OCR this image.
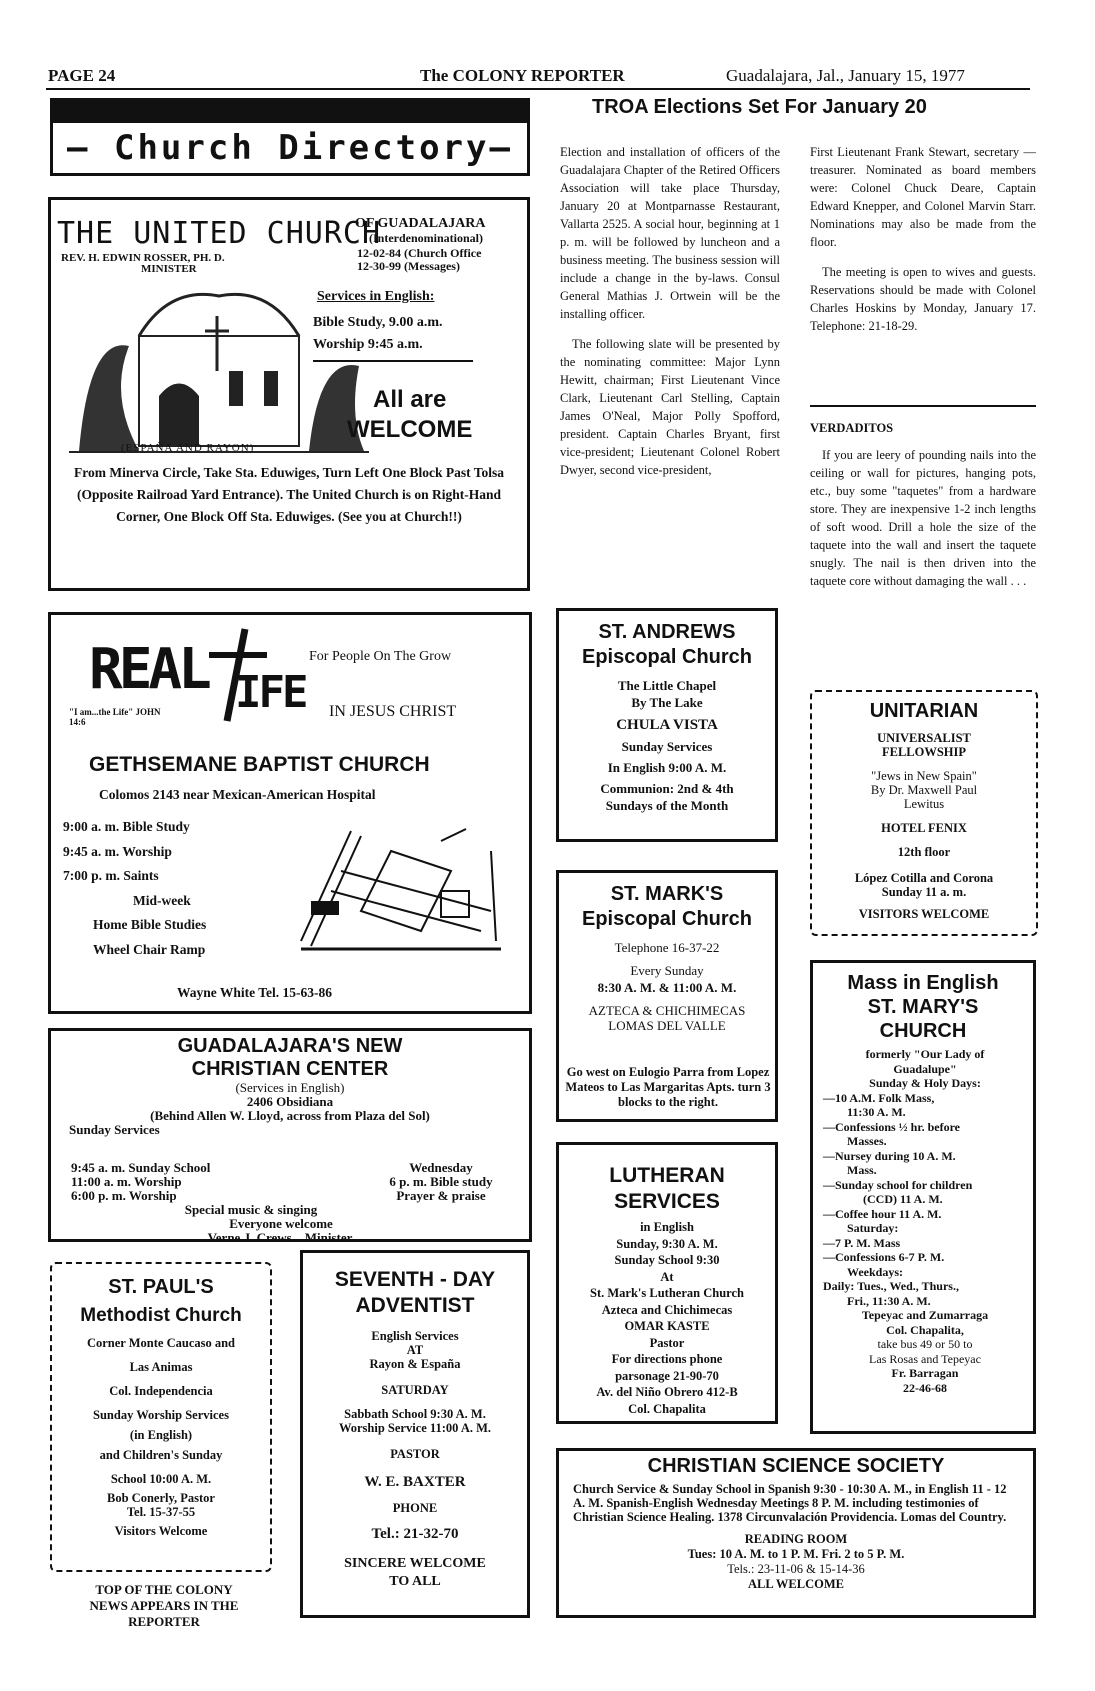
PAGE 24	The COLONY REPORTER	Guadalajara, Jal., January 15, 1977
— Church Directory—
THE UNITED CHURCH
OF GUADALAJARA
(Interdenominational)
REV. H. EDWIN ROSSER, PH. D.
MINISTER
12-02-84 (Church Office
12-30-99 (Messages)
Services in English:
Bible Study, 9.00 a.m.
Worship 9:45 a.m.
All are
WELCOME
(ESPAÑA AND RAYON)
From Minerva Circle, Take Sta. Eduwiges, Turn Left One Block Past Tolsa (Opposite Railroad Yard Entrance). The United Church is on Right-Hand Corner, One Block Off Sta. Eduwiges. (See you at Church!!)
REAL IFE
"I am...the Life" JOHN 14:6
For People On The Grow
IN JESUS CHRIST
GETHSEMANE BAPTIST CHURCH
Colomos 2143 near Mexican-American Hospital
9:00 a. m. Bible Study
9:45 a. m. Worship
7:00 p. m. Saints
Mid-week
Home Bible Studies
Wheel Chair Ramp
Wayne White Tel. 15-63-86
GUADALAJARA'S NEW
CHRISTIAN CENTER
(Services in English)
2406 Obsidiana
(Behind Allen W. Lloyd, across from Plaza del Sol)
Sunday Services
9:45 a. m. Sunday School
11:00 a. m. Worship
6:00 p. m. Worship
Wednesday
6 p. m. Bible study
Prayer & praise
Special music & singing
Everyone welcome
Verne J. Crews... Minister.
ST. PAUL'S
Methodist Church
Corner Monte Caucaso and
Las Animas
Col. Independencia
Sunday Worship Services
(in English)
and Children's Sunday
School 10:00 A. M.
Bob Conerly, Pastor
Tel. 15-37-55
Visitors Welcome
TOP OF THE COLONY
NEWS APPEARS IN THE
REPORTER
SEVENTH - DAY
ADVENTIST
English Services
AT
Rayon & España
SATURDAY
Sabbath School 9:30 A. M.
Worship Service 11:00 A. M.
PASTOR
W. E. BAXTER
PHONE
Tel.: 21-32-70
SINCERE WELCOME
TO ALL
TROA Elections Set For January 20

Election and installation of officers of the Guadalajara Chapter of the Retired Officers Association will take place Thursday, January 20 at Montparnasse Restaurant, Vallarta 2525. A social hour, beginning at 1 p. m. will be followed by luncheon and a business meeting. The business session will include a change in the by-laws. Consul General Mathias J. Ortwein will be the installing officer.

The following slate will be presented by the nominating committee: Major Lynn Hewitt, chairman; First Lieutenant Vince Clark, Lieutenant Carl Stelling, Captain James O'Neal, Major Polly Spofford, president. Captain Charles Bryant, first vice-president; Lieutenant Colonel Robert Dwyer, second vice-president,

First Lieutenant Frank Stewart, secretary — treasurer. Nominated as board members were: Colonel Chuck Deare, Captain Edward Knepper, and Colonel Marvin Starr. Nominations may also be made from the floor.

The meeting is open to wives and guests. Reservations should be made with Colonel Charles Hoskins by Monday, January 17. Telephone: 21-18-29.

VERDADITOS
If you are leery of pounding nails into the ceiling or wall for pictures, hanging pots, etc., buy some "taquetes" from a hardware store. They are inexpensive 1-2 inch lengths of soft wood. Drill a hole the size of the taquete into the wall and insert the taquete snugly. The nail is then driven into the taquete core without damaging the wall . . .
ST. ANDREWS
Episcopal Church
The Little Chapel
By The Lake
CHULA VISTA
Sunday Services
In English 9:00 A. M.
Communion: 2nd & 4th
Sundays of the Month
ST. MARK'S
Episcopal Church
Telephone 16-37-22
Every Sunday
8:30 A. M. & 11:00 A. M.
AZTECA & CHICHIMECAS
LOMAS DEL VALLE
Go west on Eulogio Parra from Lopez Mateos to Las Margaritas Apts. turn 3 blocks to the right.
LUTHERAN
SERVICES
in English
Sunday, 9:30 A. M.
Sunday School 9:30
At
St. Mark's Lutheran Church
Azteca and Chichimecas
OMAR KASTE
Pastor
For directions phone
parsonage 21-90-70
Av. del Niño Obrero 412-B
Col. Chapalita
UNITARIAN
UNIVERSALIST
FELLOWSHIP
"Jews in New Spain"
By Dr. Maxwell Paul
Lewitus
HOTEL FENIX
12th floor
López Cotilla and Corona
Sunday 11 a. m.
VISITORS WELCOME
Mass in English
ST. MARY'S
CHURCH
formerly "Our Lady of
Guadalupe"
Sunday & Holy Days:
—10 A.M. Folk Mass,
11:30 A. M.
—Confessions ½ hr. before
Masses.
—Nursey during 10 A. M.
Mass.
—Sunday school for children
(CCD) 11 A. M.
—Coffee hour 11 A. M.
Saturday:
—7 P. M. Mass
—Confessions 6-7 P. M.
Weekdays:
Daily: Tues., Wed., Thurs.,
Fri., 11:30 A. M.
Tepeyac and Zumarraga
Col. Chapalita,
take bus 49 or 50 to
Las Rosas and Tepeyac
Fr. Barragan
22-46-68
CHRISTIAN SCIENCE SOCIETY
Church Service & Sunday School in Spanish 9:30 - 10:30 A. M., in English 11 - 12 A. M. Spanish-English Wednesday Meetings 8 P. M. including testimonies of Christian Science Healing. 1378 Circunvalación Providencia. Lomas del Country.
READING ROOM
Tues: 10 A. M. to 1 P. M. Fri. 2 to 5 P. M.
Tels.: 23-11-06 & 15-14-36
ALL WELCOME
